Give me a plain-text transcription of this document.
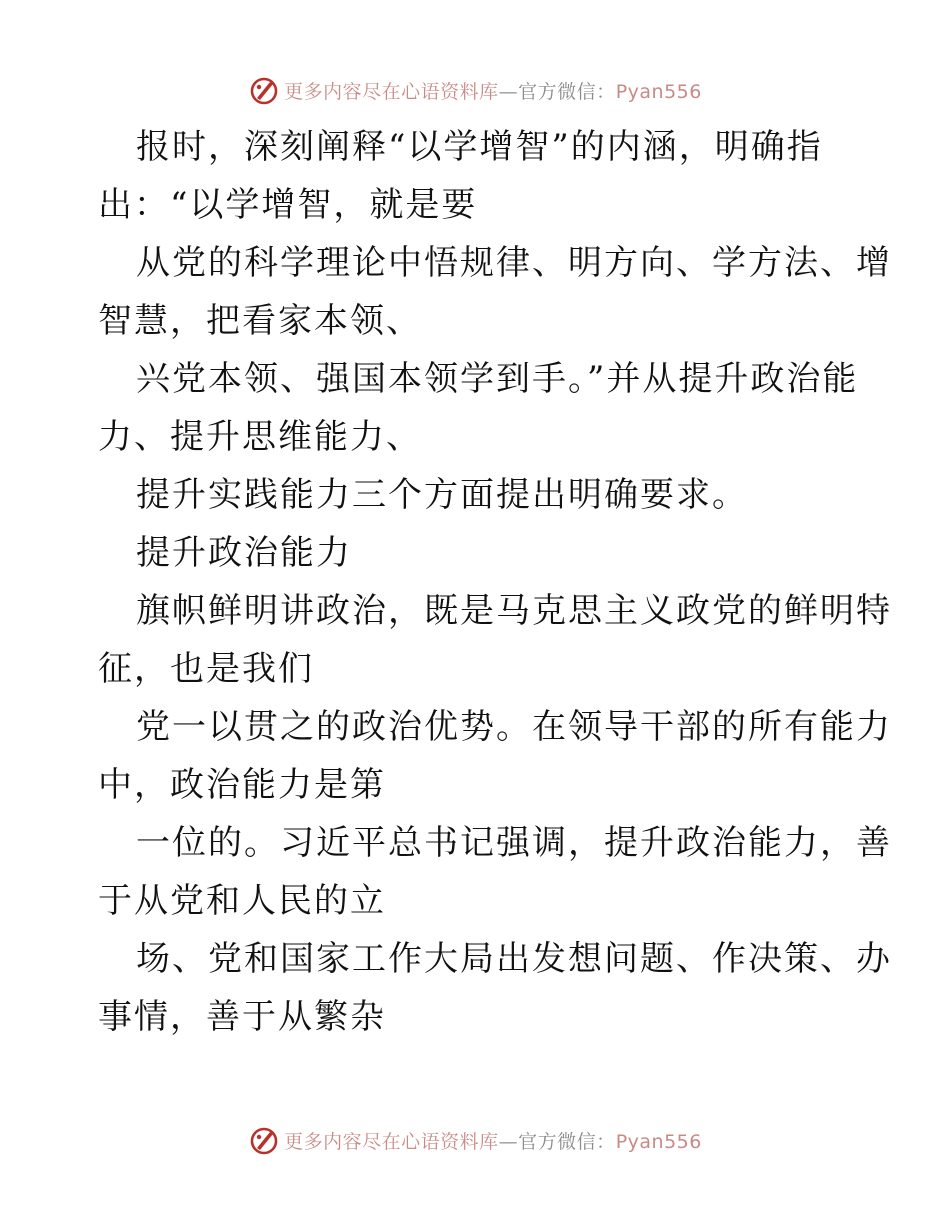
更多内容尽在心语资料库—官方微信：Pyan556
报时，深刻阐释“以学增智”的内涵，明确指
出：“以学增智，就是要
从党的科学理论中悟规律、明方向、学方法、增
智慧，把看家本领、
兴党本领、强国本领学到手。”并从提升政治能
力、提升思维能力、
提升实践能力三个方面提出明确要求。
提升政治能力
旗帜鲜明讲政治，既是马克思主义政党的鲜明特
征，也是我们
党一以贯之的政治优势。在领导干部的所有能力
中，政治能力是第
一位的。习近平总书记强调，提升政治能力，善
于从党和人民的立
场、党和国家工作大局出发想问题、作决策、办
事情，善于从繁杂
更多内容尽在心语资料库—官方微信：Pyan556
